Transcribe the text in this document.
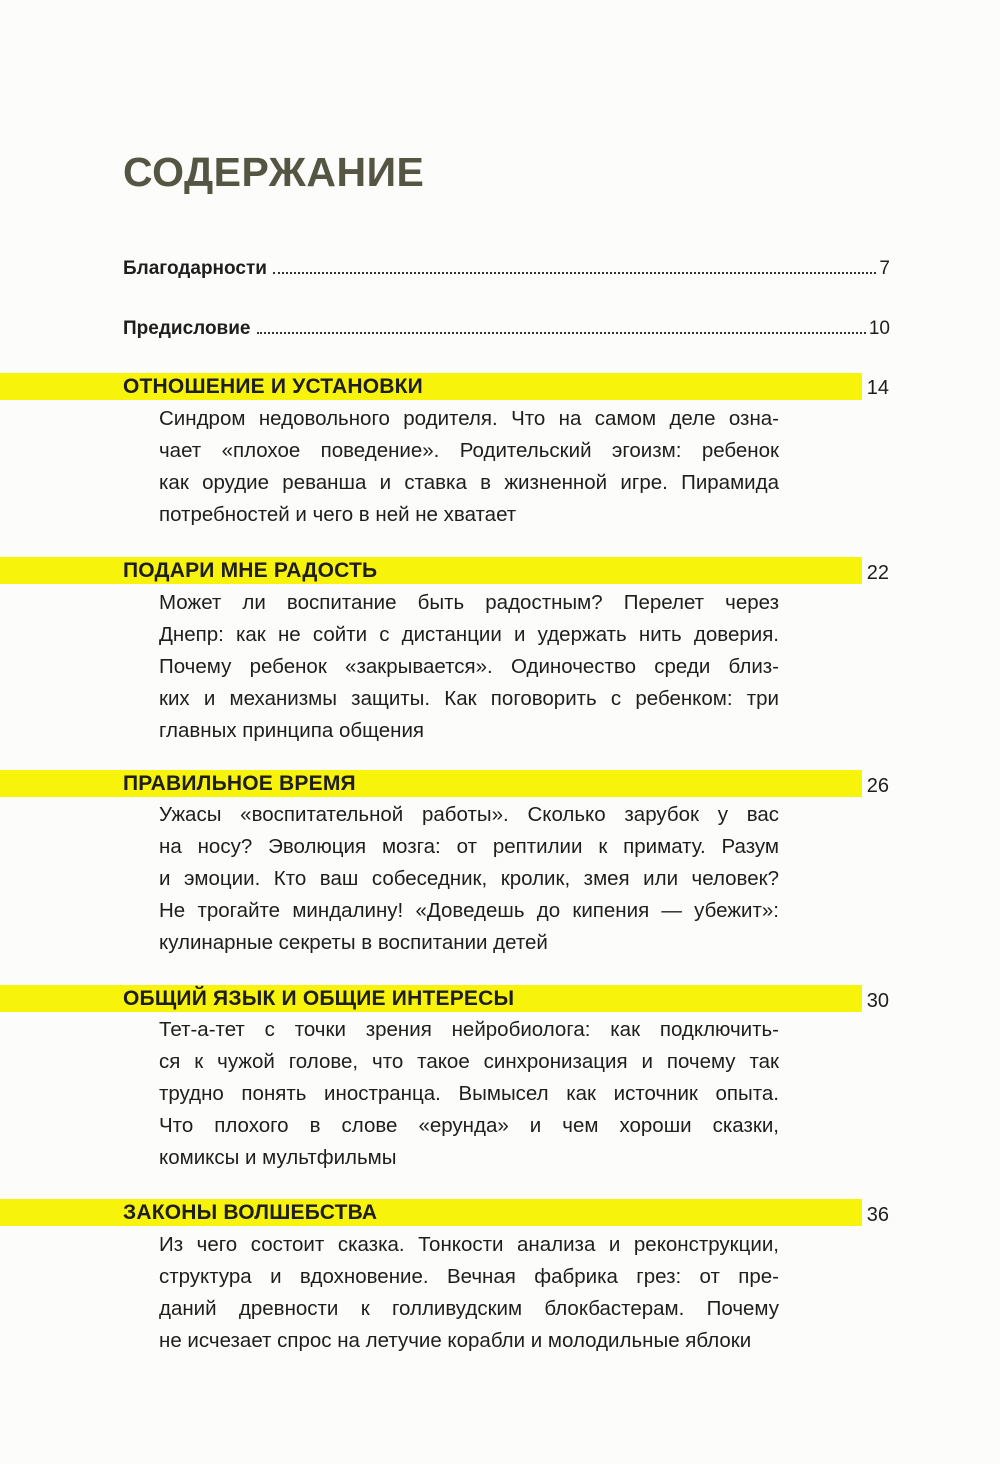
СОДЕРЖАНИЕ
Благодарности	7
Предисловие	10
ОТНОШЕНИЕ И УСТАНОВКИ	14

Синдром недовольного родителя. Что на самом деле озна-
чает «плохое поведение». Родительский эгоизм: ребенок
как орудие реванша и ставка в жизненной игре. Пирамида
потребностей и чего в ней не хватает

ПОДАРИ МНЕ РАДОСТЬ	22

Может ли воспитание быть радостным? Перелет через
Днепр: как не сойти с дистанции и удержать нить доверия.
Почему ребенок «закрывается». Одиночество среди близ-
ких и механизмы защиты. Как поговорить с ребенком: три
главных принципа общения

ПРАВИЛЬНОЕ ВРЕМЯ	26

Ужасы «воспитательной работы». Сколько зарубок у вас
на носу? Эволюция мозга: от рептилии к примату. Разум
и эмоции. Кто ваш собеседник, кролик, змея или человек?
Не трогайте миндалину! «Доведешь до кипения — убежит»:
кулинарные секреты в воспитании детей

ОБЩИЙ ЯЗЫК И ОБЩИЕ ИНТЕРЕСЫ	30

Тет-а-тет с точки зрения нейробиолога: как подключить-
ся к чужой голове, что такое синхронизация и почему так
трудно понять иностранца. Вымысел как источник опыта.
Что плохого в слове «ерунда» и чем хороши сказки,
комиксы и мультфильмы

ЗАКОНЫ ВОЛШЕБСТВА	36

Из чего состоит сказка. Тонкости анализа и реконструкции,
структура и вдохновение. Вечная фабрика грез: от пре-
даний древности к голливудским блокбастерам. Почему
не исчезает спрос на летучие корабли и молодильные яблоки
